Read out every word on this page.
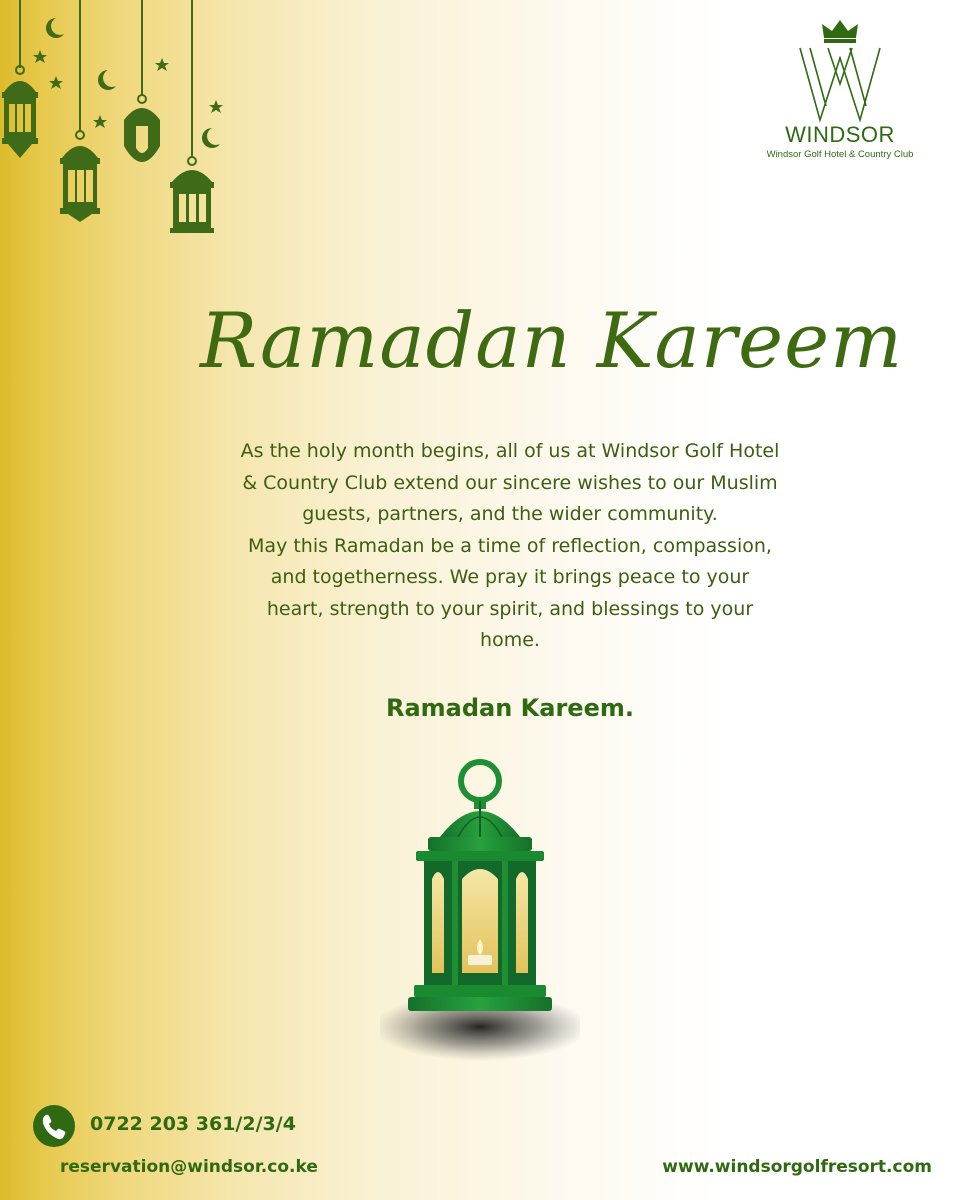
WINDSOR
Windsor Golf Hotel & Country Club
Ramadan Kareem

As the holy month begins, all of us at Windsor Golf Hotel & Country Club extend our sincere wishes to our Muslim guests, partners, and the wider community.

May this Ramadan be a time of reflection, compassion, and togetherness. We pray it brings peace to your heart, strength to your spirit, and blessings to your home.

Ramadan Kareem.
0722 203 361/2/3/4
reservation@windsor.co.ke	www.windsorgolfresort.com
